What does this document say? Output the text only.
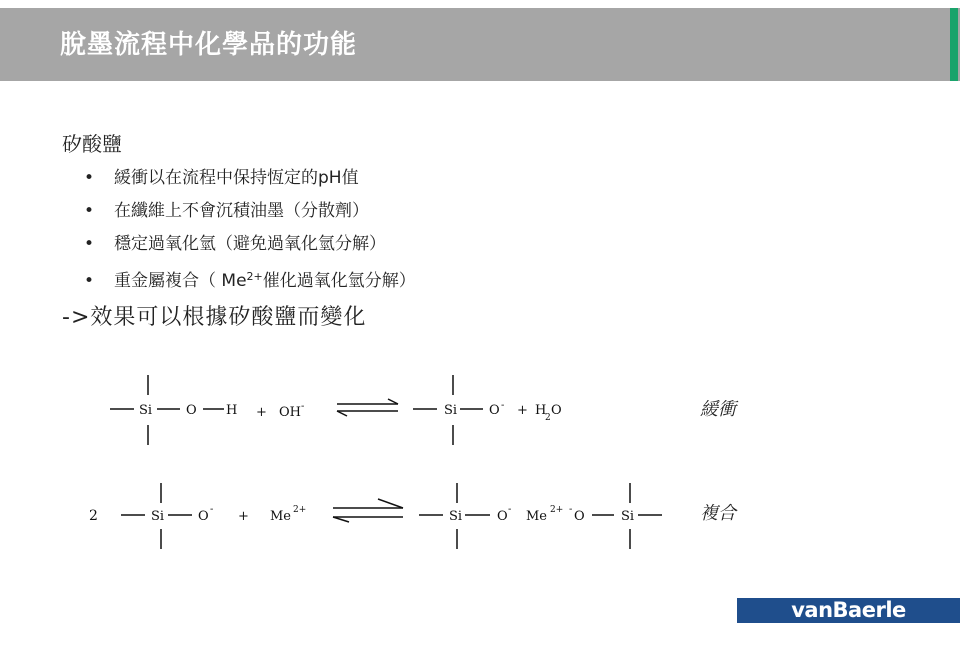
脫墨流程中化學品的功能
矽酸鹽
• 緩衝以在流程中保持恆定的pH值
• 在纖維上不會沉積油墨（分散劑）
• 穩定過氧化氫（避免過氧化氫分解）
• 重金屬複合（ $Me^{2+}$催化過氧化氫分解）
->效果可以根據矽酸鹽而變化
Si	O H + OH -	Si O - + H
2 O
2	Si	O - + Me 2+	Si	O - Me 2+ - O	Si
緩衝
複合
vanBaerle
